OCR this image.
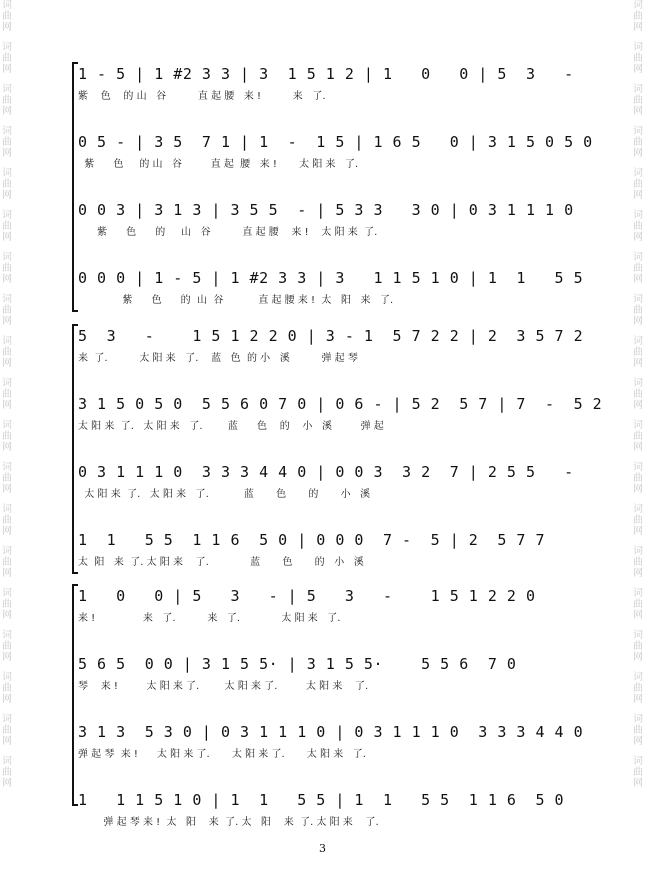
词曲网
词曲网
词曲网
词曲网
词曲网
词曲网
词曲网
词曲网
词曲网
词曲网
词曲网
词曲网
词曲网
词曲网
词曲网
词曲网
词曲网
词曲网
词曲网
词曲网
词曲网
词曲网
词曲网
词曲网
词曲网
词曲网
词曲网
词曲网
词曲网
词曲网
词曲网
词曲网
词曲网
词曲网
词曲网
词曲网
词曲网
词曲网
1 - 5 | 1 #2 3 3 | 3  1 5 1 2 | 1   0   0 | 5  3   -
紫    色    的 山   谷          直 起 腰   来 !          来   了.
0 5 - | 3 5  7 1 | 1  -  1 5 | 1 6 5   0 | 3 1 5 0 5 0
紫      色     的 山   谷         直 起  腰   来 !       太 阳 来   了.
0 0 3 | 3 1 3 | 3 5 5  - | 5 3 3   3 0 | 0 3 1 1 1 0
紫      色      的     山   谷          直 起 腰    来 !    太 阳 来  了.
0 0 0 | 1 - 5 | 1 #2 3 3 | 3   1 1 5 1 0 | 1  1   5 5
紫      色      的  山  谷           直 起 腰 来 !  太   阳   来   了.
5  3   -    1 5 1 2 2 0 | 3 - 1  5 7 2 2 | 2  3 5 7 2
来  了.          太 阳 来   了.    蓝   色  的 小   溪          弹 起 琴
3 1 5 0 5 0  5 5 6 0 7 0 | 0 6 - | 5 2  5 7 | 7  -  5 2
太 阳 来  了.   太 阳 来   了.        蓝      色    的    小   溪         弹 起
0 3 1 1 1 0  3 3 3 4 4 0 | 0 0 3  3 2  7 | 2 5 5   -
太 阳 来  了.   太 阳 来   了.           蓝       色       的       小   溪
1  1   5 5  1 1 6  5 0 | 0 0 0  7 -  5 | 2  5 7 7
太  阳   来  了. 太 阳 来    了.             蓝       色       的   小   溪
1   0   0 | 5   3   - | 5   3   -    1 5 1 2 2 0
来 !               来   了.          来   了.             太 阳 来   了.
5 6 5  0 0 | 3 1 5 5· | 3 1 5 5·    5 5 6  7 0
琴    来 !         太 阳 来 了.        太 阳 来 了.         太 阳 来    了.
3 1 3  5 3 0 | 0 3 1 1 1 0 | 0 3 1 1 1 0  3 3 3 4 4 0
弹 起 琴  来 !      太 阳 来 了.       太 阳 来 了.       太 阳 来   了.
1   1 1 5 1 0 | 1  1   5 5 | 1  1   5 5  1 1 6  5 0
弹 起 琴 来 !  太   阳    来  了. 太   阳    来  了. 太 阳 来    了.
3
